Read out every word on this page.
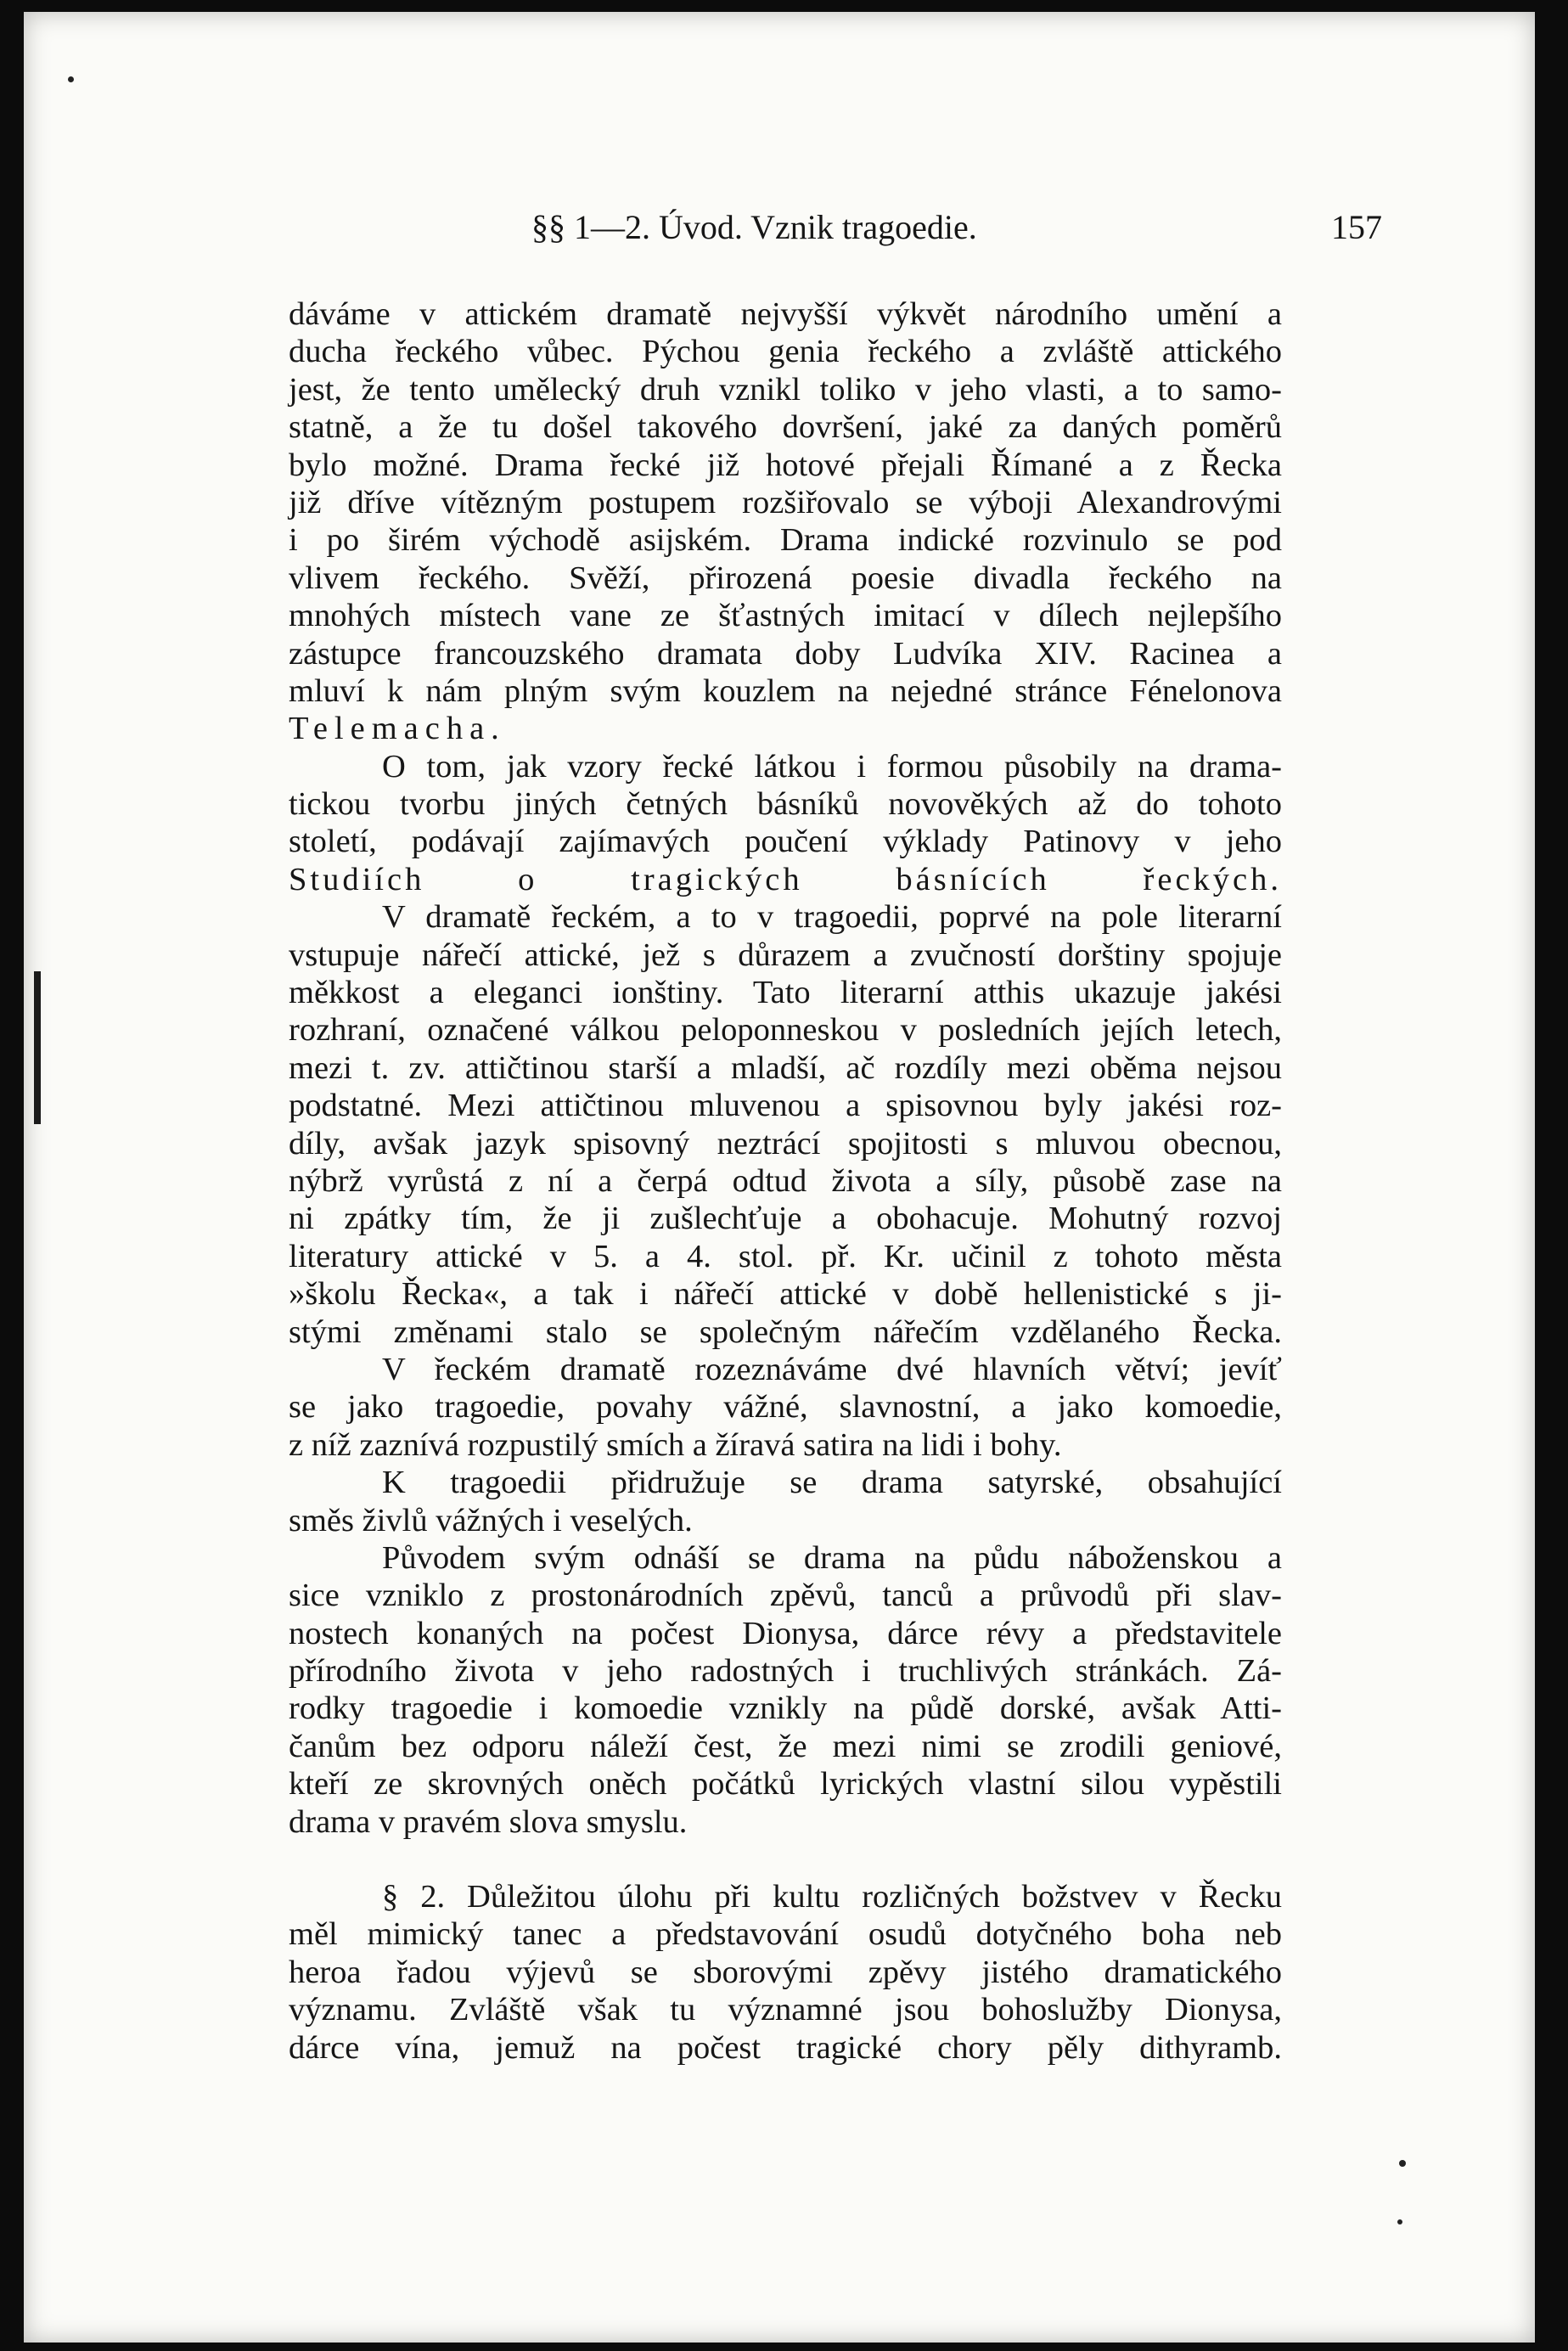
§§ 1—2. Úvod. Vznik tragoedie.	157
dáváme v attickém dramatě nejvyšší výkvět národního umění a
ducha řeckého vůbec. Pýchou genia řeckého a zvláště attického
jest, že tento umělecký druh vznikl toliko v jeho vlasti, a to samo-
statně, a že tu došel takového dovršení, jaké za daných poměrů
bylo možné. Drama řecké již hotové přejali Římané a z Řecka
již dříve vítězným postupem rozšiřovalo se výboji Alexandrovými
i po širém východě asijském. Drama indické rozvinulo se pod
vlivem řeckého. Svěží, přirozená poesie divadla řeckého na
mnohých místech vane ze šťastných imitací v dílech nejlepšího
zástupce francouzského dramata doby Ludvíka XIV. Racinea a
mluví k nám plným svým kouzlem na nejedné stránce Fénelonova
Telemacha.
O tom, jak vzory řecké látkou i formou působily na drama-
tickou tvorbu jiných četných básníků novověkých až do tohoto
století, podávají zajímavých poučení výklady Patinovy v jeho
Studiích o tragických básnících řeckých.
V dramatě řeckém, a to v tragoedii, poprvé na pole literarní
vstupuje nářečí attické, jež s důrazem a zvučností dorštiny spojuje
měkkost a eleganci ionštiny. Tato literarní atthis ukazuje jakési
rozhraní, označené válkou peloponneskou v posledních jejích letech,
mezi t. zv. attičtinou starší a mladší, ač rozdíly mezi oběma nejsou
podstatné. Mezi attičtinou mluvenou a spisovnou byly jakési roz-
díly, avšak jazyk spisovný neztrácí spojitosti s mluvou obecnou,
nýbrž vyrůstá z ní a čerpá odtud života a síly, působě zase na
ni zpátky tím, že ji zušlechťuje a obohacuje. Mohutný rozvoj
literatury attické v 5. a 4. stol. př. Kr. učinil z tohoto města
»školu Řecka«, a tak i nářečí attické v době hellenistické s ji-
stými změnami stalo se společným nářečím vzdělaného Řecka.
V řeckém dramatě rozeznáváme dvé hlavních větví; jevíť
se jako tragoedie, povahy vážné, slavnostní, a jako komoedie,
z níž zaznívá rozpustilý smích a žíravá satira na lidi i bohy.
K tragoedii přidružuje se drama satyrské, obsahující
směs živlů vážných i veselých.
Původem svým odnáší se drama na půdu náboženskou a
sice vzniklo z prostonárodních zpěvů, tanců a průvodů při slav-
nostech konaných na počest Dionysa, dárce révy a představitele
přírodního života v jeho radostných i truchlivých stránkách. Zá-
rodky tragoedie i komoedie vznikly na půdě dorské, avšak Atti-
čanům bez odporu náleží čest, že mezi nimi se zrodili geniové,
kteří ze skrovných oněch počátků lyrických vlastní silou vypěstili
drama v pravém slova smyslu.
§ 2. Důležitou úlohu při kultu rozličných božstvev v Řecku
měl mimický tanec a představování osudů dotyčného boha neb
heroa řadou výjevů se sborovými zpěvy jistého dramatického
významu. Zvláště však tu významné jsou bohoslužby Dionysa,
dárce vína, jemuž na počest tragické chory pěly dithyramb.
